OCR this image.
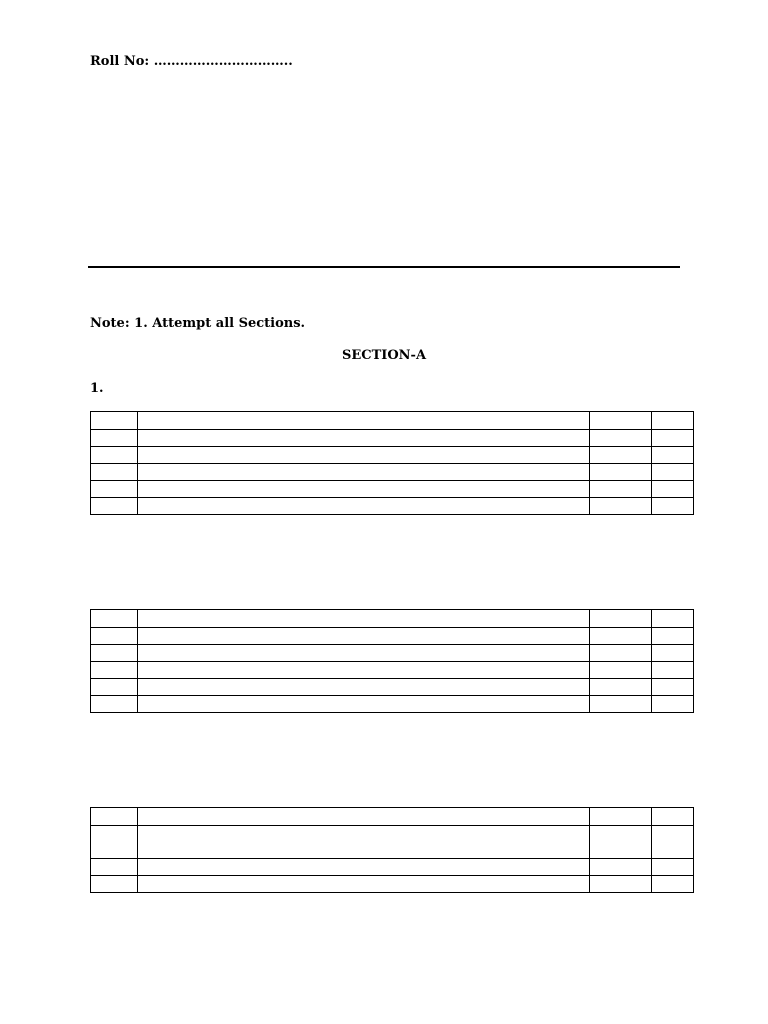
Roll No: …………………………..
Note: 1. Attempt all Sections.
SECTION-A
1.
